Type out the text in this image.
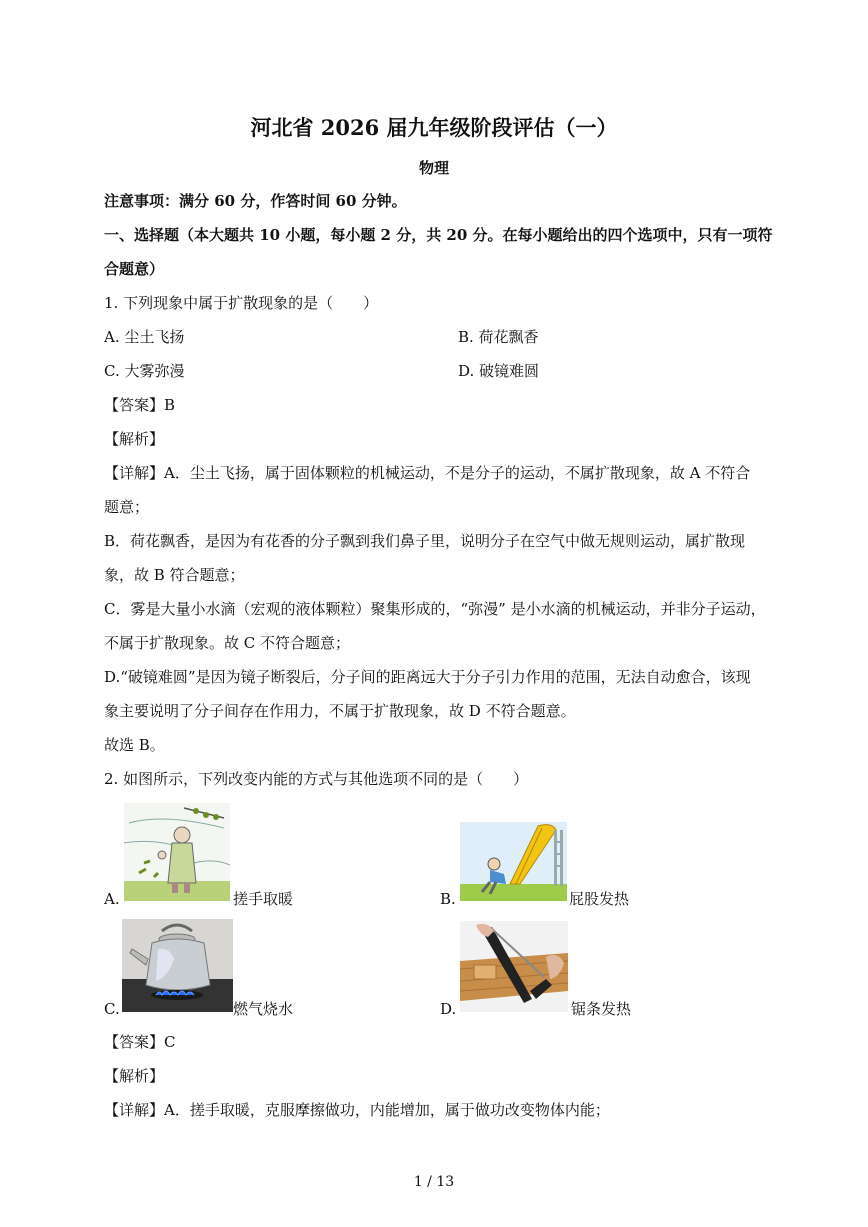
河北省 2026 届九年级阶段评估（一）
物理
注意事项：满分 60 分，作答时间 60 分钟。
一、选择题（本大题共 10 小题，每小题 2 分，共 20 分。在每小题给出的四个选项中，只有一项符
合题意）
1. 下列现象中属于扩散现象的是（　　）
A. 尘土飞扬	B. 荷花飘香
C. 大雾弥漫	D. 破镜难圆
【答案】B
【解析】
【详解】A．尘土飞扬，属于固体颗粒的机械运动，不是分子的运动，不属扩散现象，故 A 不符合
题意；
B．荷花飘香，是因为有花香的分子飘到我们鼻子里，说明分子在空气中做无规则运动，属扩散现
象，故 B 符合题意；
C．雾是大量小水滴（宏观的液体颗粒）聚集形成的，“弥漫” 是小水滴的机械运动，并非分子运动，
不属于扩散现象。故 C 不符合题意；
D.“破镜难圆”是因为镜子断裂后，分子间的距离远大于分子引力作用的范围，无法自动愈合，该现
象主要说明了分子间存在作用力，不属于扩散现象，故 D 不符合题意。
故选 B。
2. 如图所示，下列改变内能的方式与其他选项不同的是（　　）
A.	搓手取暖	B.	屁股发热
C.	燃气烧水	D.	锯条发热
【答案】C
【解析】
【详解】A．搓手取暖，克服摩擦做功，内能增加，属于做功改变物体内能；
1 / 13
